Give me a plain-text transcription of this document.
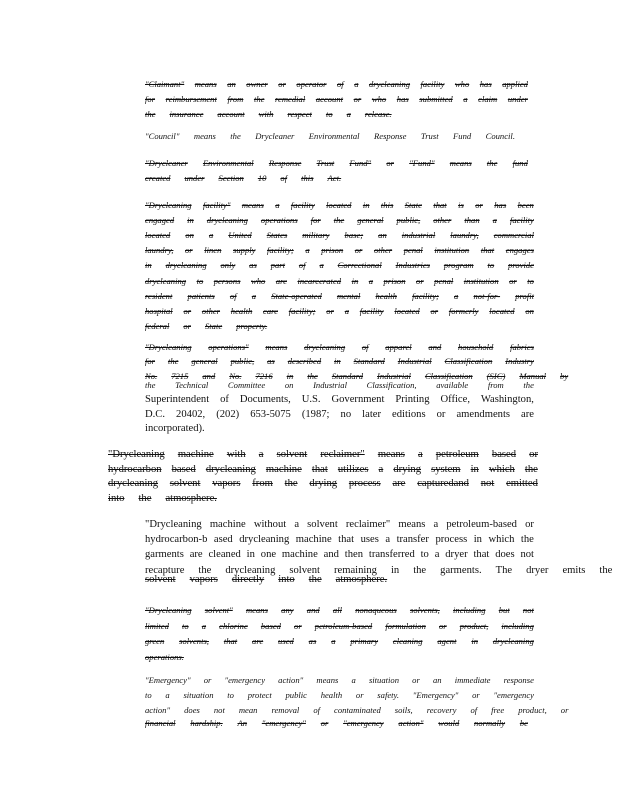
"Claimant" means an owner or operator of a drycleaning facility who has applied
for reimbursement from the remedial account or who has submitted a claim under
the insurance account with respect to a release.
"Council" means the Drycleaner Environmental Response Trust Fund Council.
"Drycleaner Environmental Response Trust Fund" or "Fund" means the fund
created under Section 10 of this Act.
"Drycleaning facility" means a facility located in this State that is or has been
engaged in drycleaning operations for the general public, other than a facility
located on a United States military base; an industrial laundry, commercial
laundry, or linen supply facility; a prison or other penal institution that engages
in drycleaning only as part of a Correctional Industries program to provide
drycleaning to persons who are incarcerated in a prison or penal institution or to
resident patients of a State-operated mental health facility; a not-for- profit
hospital or other health care facility; or a facility located or formerly located on
federal or State property.
"Drycleaning operations" means drycleaning of apparel and household fabrics
for the general public, as described in Standard Industrial Classification Industry
No. 7215 and No. 7216 in the Standard Industrial Classification (SIC) Manual by
the Technical Committee on Industrial Classification, available from the
Superintendent of Documents, U.S. Government Printing Office, Washington,
D.C. 20402, (202) 653-5075 (1987; no later editions or amendments are
incorporated).
"Drycleaning machine with a solvent reclaimer" means a petroleum based or
hydrocarbon based drycleaning machine that utilizes a drying system in which the
drycleaning solvent vapors from the drying process are capturedand not emitted
into the atmosphere.
"Drycleaning machine without a solvent reclaimer" means a petroleum-based or
hydrocarbon-b ased drycleaning machine that uses a transfer process in which the
garments are cleaned in one machine and then transferred to a dryer that does not
recapture the drycleaning solvent remaining in the garments. The dryer emits the
solvent vapors directly into the atmosphere.
"Drycleaning solvent" means any and all nonaqueous solvents, including but not
limited to a chlorine based or petroleum-based formulation or product, including
green solvents, that are used as a primary cleaning agent in drycleaning
operations.
"Emergency" or "emergency action" means a situation or an immediate response
to a situation to protect public health or safety. "Emergency" or "emergency
action" does not mean removal of contaminated soils, recovery of free product, or
financial hardship. An "emergency" or "emergency action" would normally be
